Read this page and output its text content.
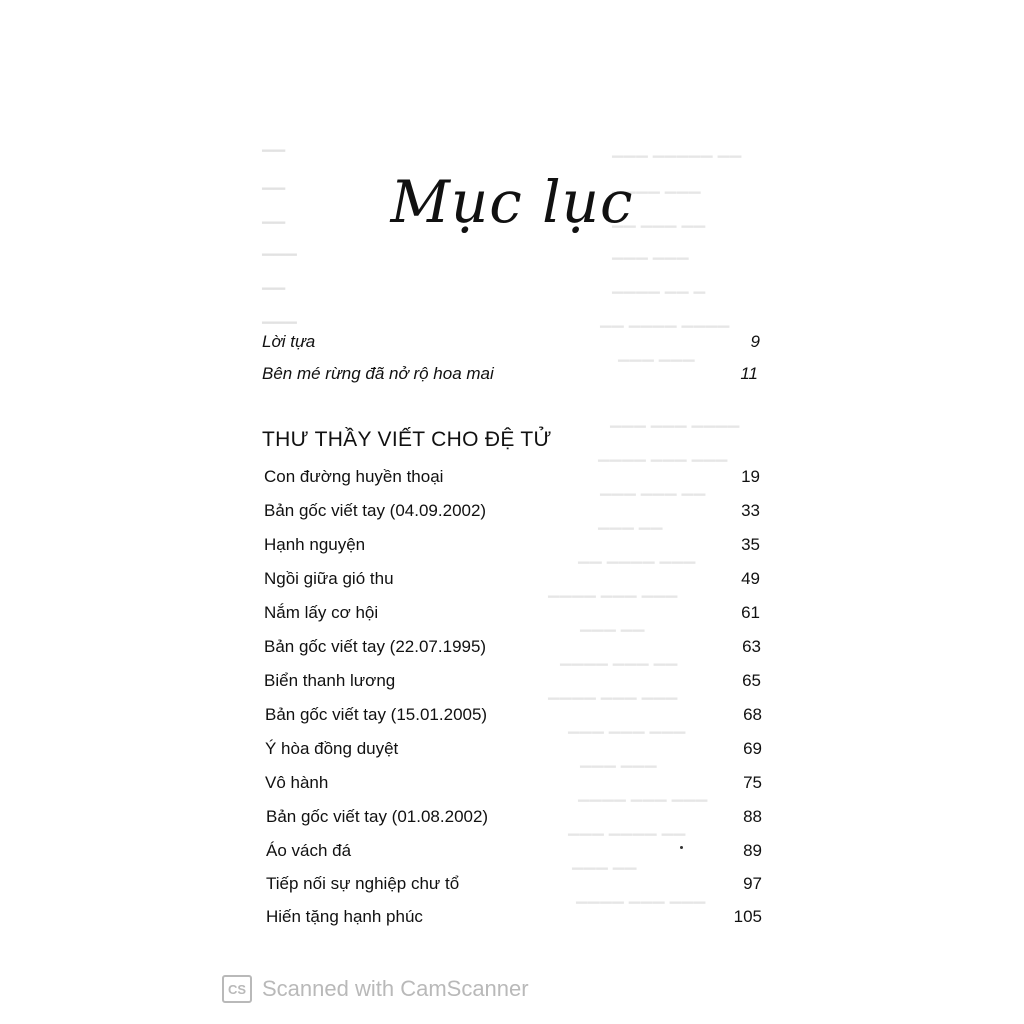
▁▁
▁▁
▁▁
▁▁▁
▁▁
▁▁▁
▁▁▁ ▁▁▁▁▁ ▁▁
▁▁▁▁ ▁▁▁
▁▁ ▁▁▁ ▁▁
▁▁▁ ▁▁▁
▁▁▁▁ ▁▁ ▁
▁▁ ▁▁▁▁ ▁▁▁▁
▁▁▁ ▁▁▁
▁▁▁ ▁▁▁ ▁▁▁▁
▁▁▁▁ ▁▁▁ ▁▁▁
▁▁▁ ▁▁▁ ▁▁
▁▁▁ ▁▁
▁▁ ▁▁▁▁ ▁▁▁
▁▁▁▁ ▁▁▁ ▁▁▁
▁▁▁ ▁▁
▁▁▁▁ ▁▁▁ ▁▁
▁▁▁▁ ▁▁▁ ▁▁▁
▁▁▁ ▁▁▁ ▁▁▁
▁▁▁ ▁▁▁
▁▁▁▁ ▁▁▁ ▁▁▁
▁▁▁ ▁▁▁▁ ▁▁
▁▁▁ ▁▁
▁▁▁▁ ▁▁▁ ▁▁▁
Mục lục
Lời tựa	9
Bên mé rừng đã nở rộ hoa mai	11
THƯ THẦY VIẾT CHO ĐỆ TỬ
Con đường huyền thoại	19
Bản gốc viết tay (04.09.2002)	33
Hạnh nguyện	35
Ngồi giữa gió thu	49
Nắm lấy cơ hội	61
Bản gốc viết tay (22.07.1995)	63
Biển thanh lương	65
Bản gốc viết tay (15.01.2005)	68
Ý hòa đồng duyệt	69
Vô hành	75
Bản gốc viết tay (01.08.2002)	88
Áo vách đá	89
Tiếp nối sự nghiệp chư tổ	97
Hiến tặng hạnh phúc	105
CS Scanned with CamScanner
